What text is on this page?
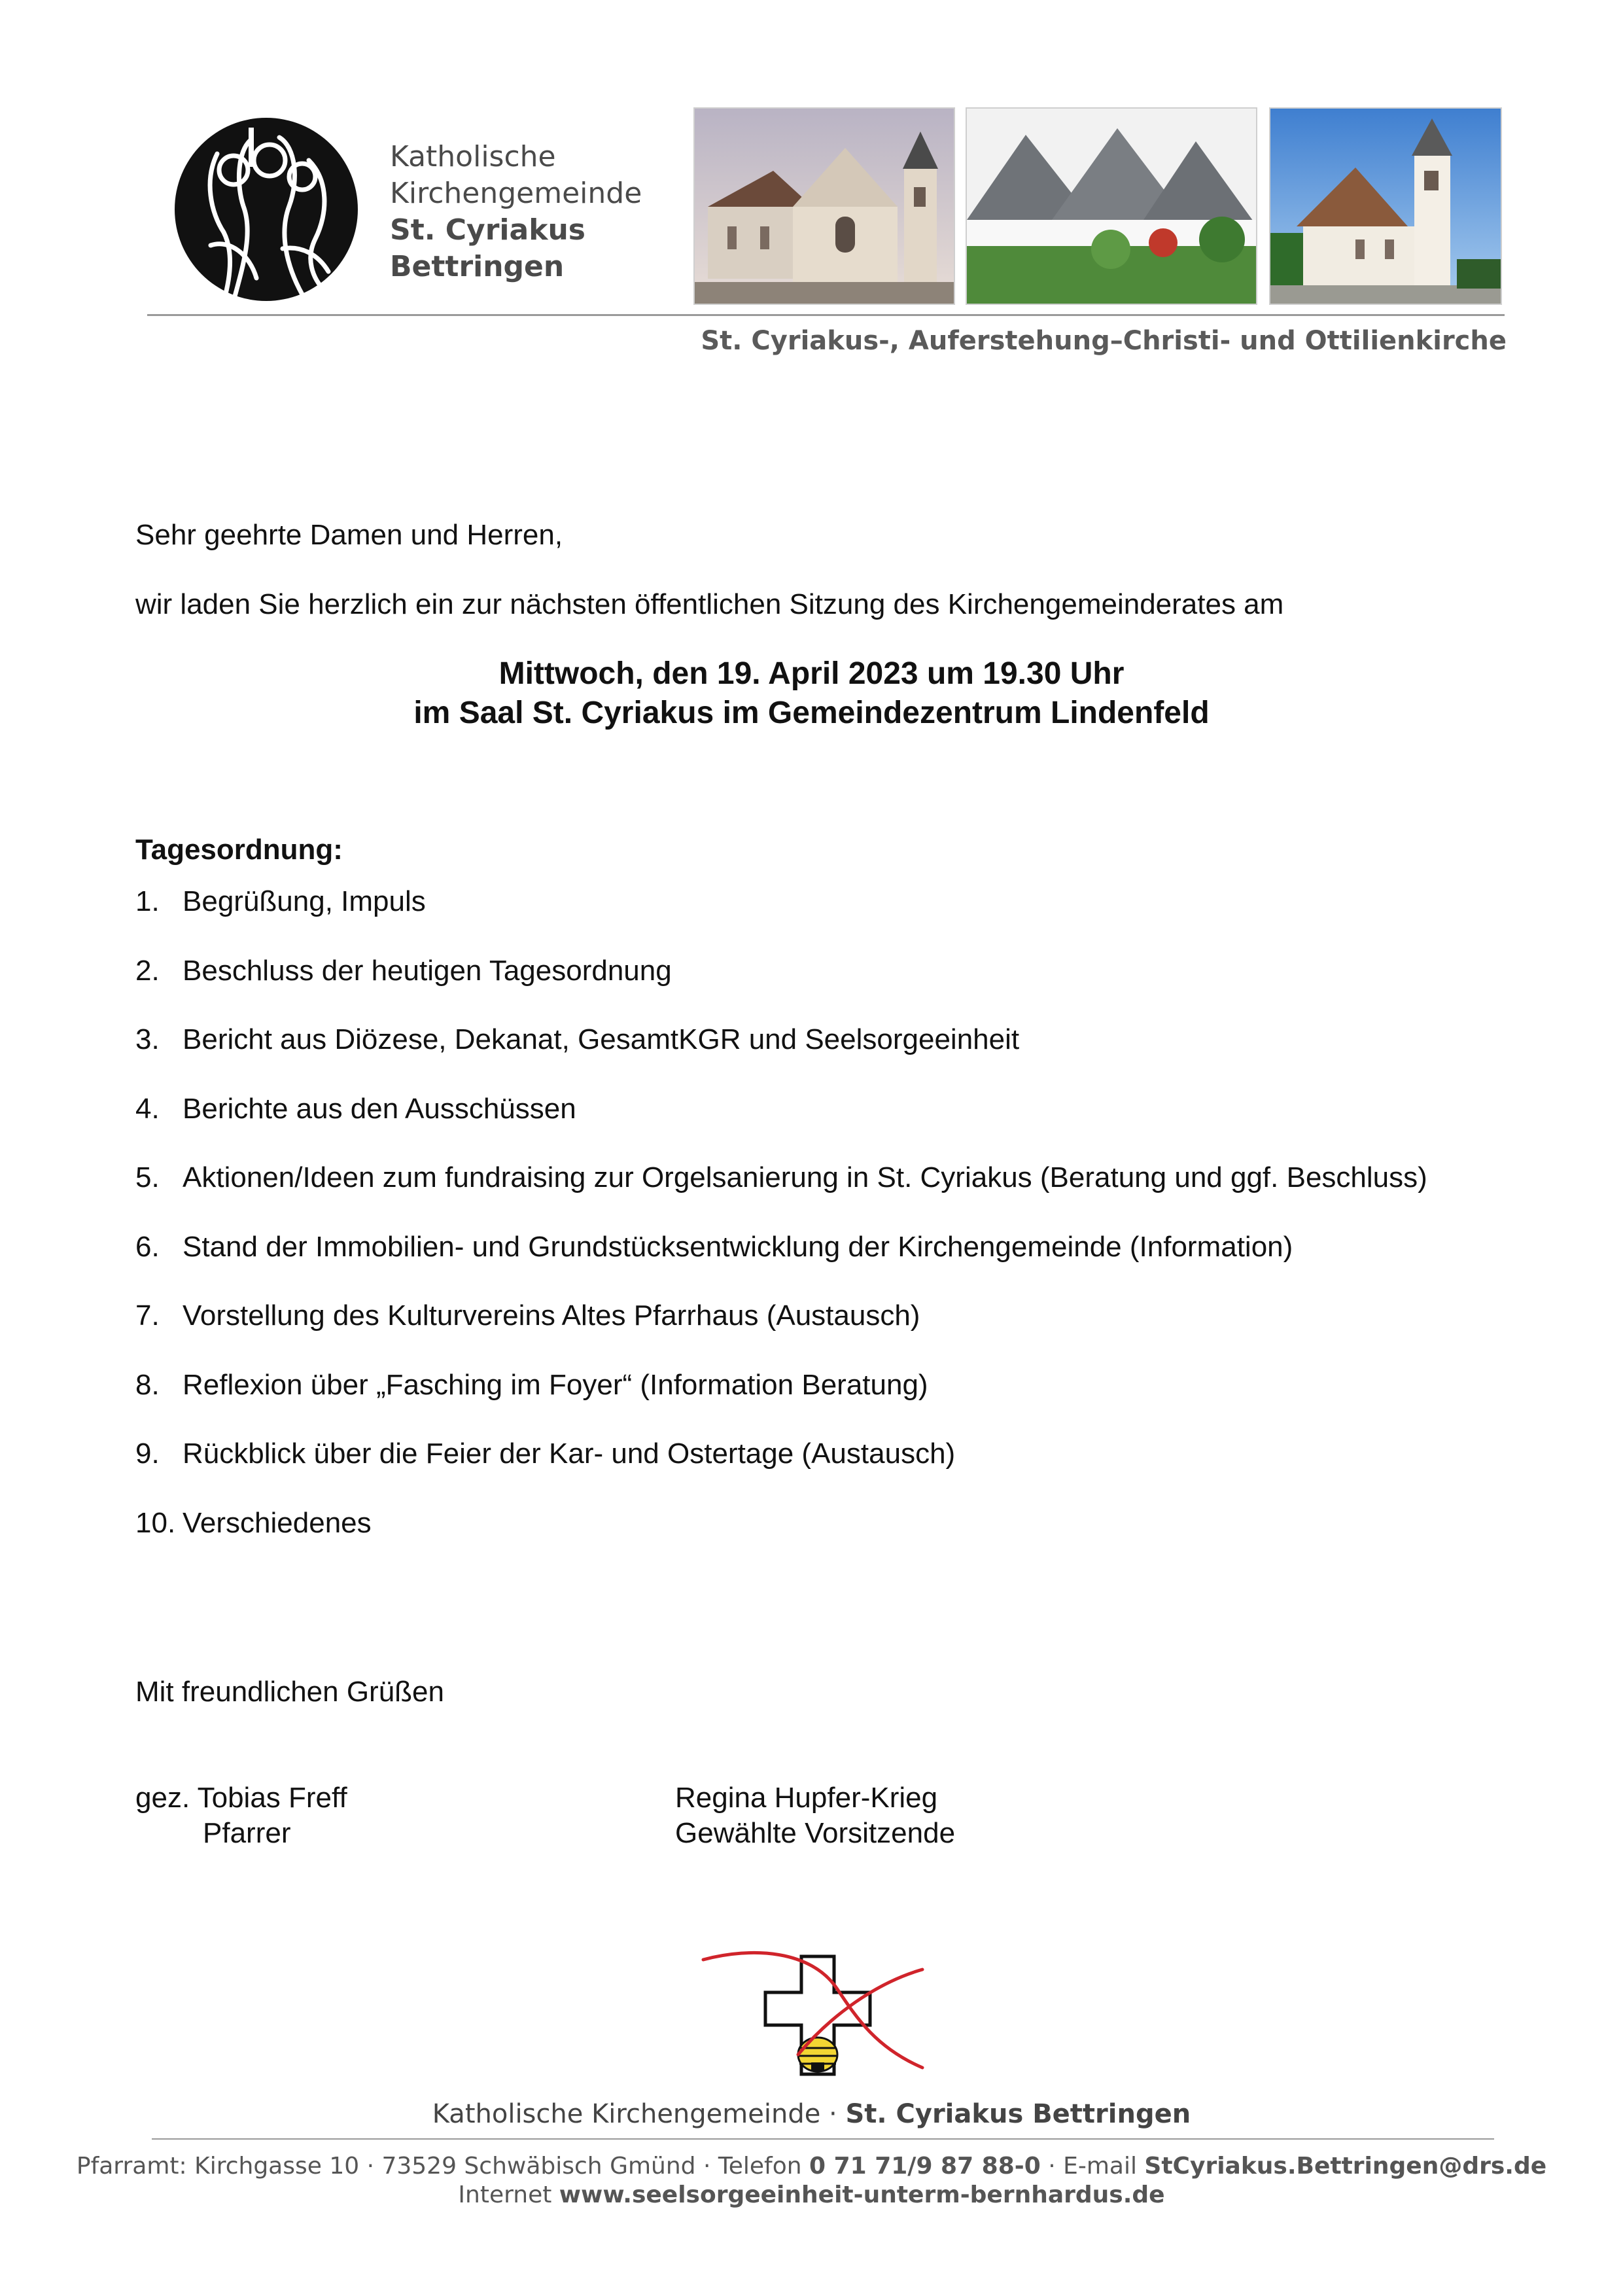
Katholische
Kirchengemeinde
St. Cyriakus
Bettringen
St. Cyriakus-, Auferstehung–Christi- und Ottilienkirche
Sehr geehrte Damen und Herren,
wir laden Sie herzlich ein zur nächsten öffentlichen Sitzung des Kirchengemeinderates am
Mittwoch, den 19. April 2023 um 19.30 Uhr
im Saal St. Cyriakus im Gemeindezentrum Lindenfeld
Tagesordnung:
1. Begrüßung, Impuls
2. Beschluss der heutigen Tagesordnung
3. Bericht aus Diözese, Dekanat, GesamtKGR und Seelsorgeeinheit
4. Berichte aus den Ausschüssen
5. Aktionen/Ideen zum fundraising zur Orgelsanierung in St. Cyriakus (Beratung und ggf. Beschluss)
6. Stand der Immobilien- und Grundstücksentwicklung der Kirchengemeinde (Information)
7. Vorstellung des Kulturvereins Altes Pfarrhaus (Austausch)
8. Reflexion über „Fasching im Foyer“ (Information Beratung)
9. Rückblick über die Feier der Kar- und Ostertage (Austausch)
10. Verschiedenes
Mit freundlichen Grüßen
gez. Tobias Freff
Pfarrer
Regina Hupfer-Krieg
Gewählte Vorsitzende
Katholische Kirchengemeinde · St. Cyriakus Bettringen
Pfarramt: Kirchgasse 10 · 73529 Schwäbisch Gmünd · Telefon 0 71 71/9 87 88-0 · E-mail StCyriakus.Bettringen@drs.de
Internet www.seelsorgeeinheit-unterm-bernhardus.de
